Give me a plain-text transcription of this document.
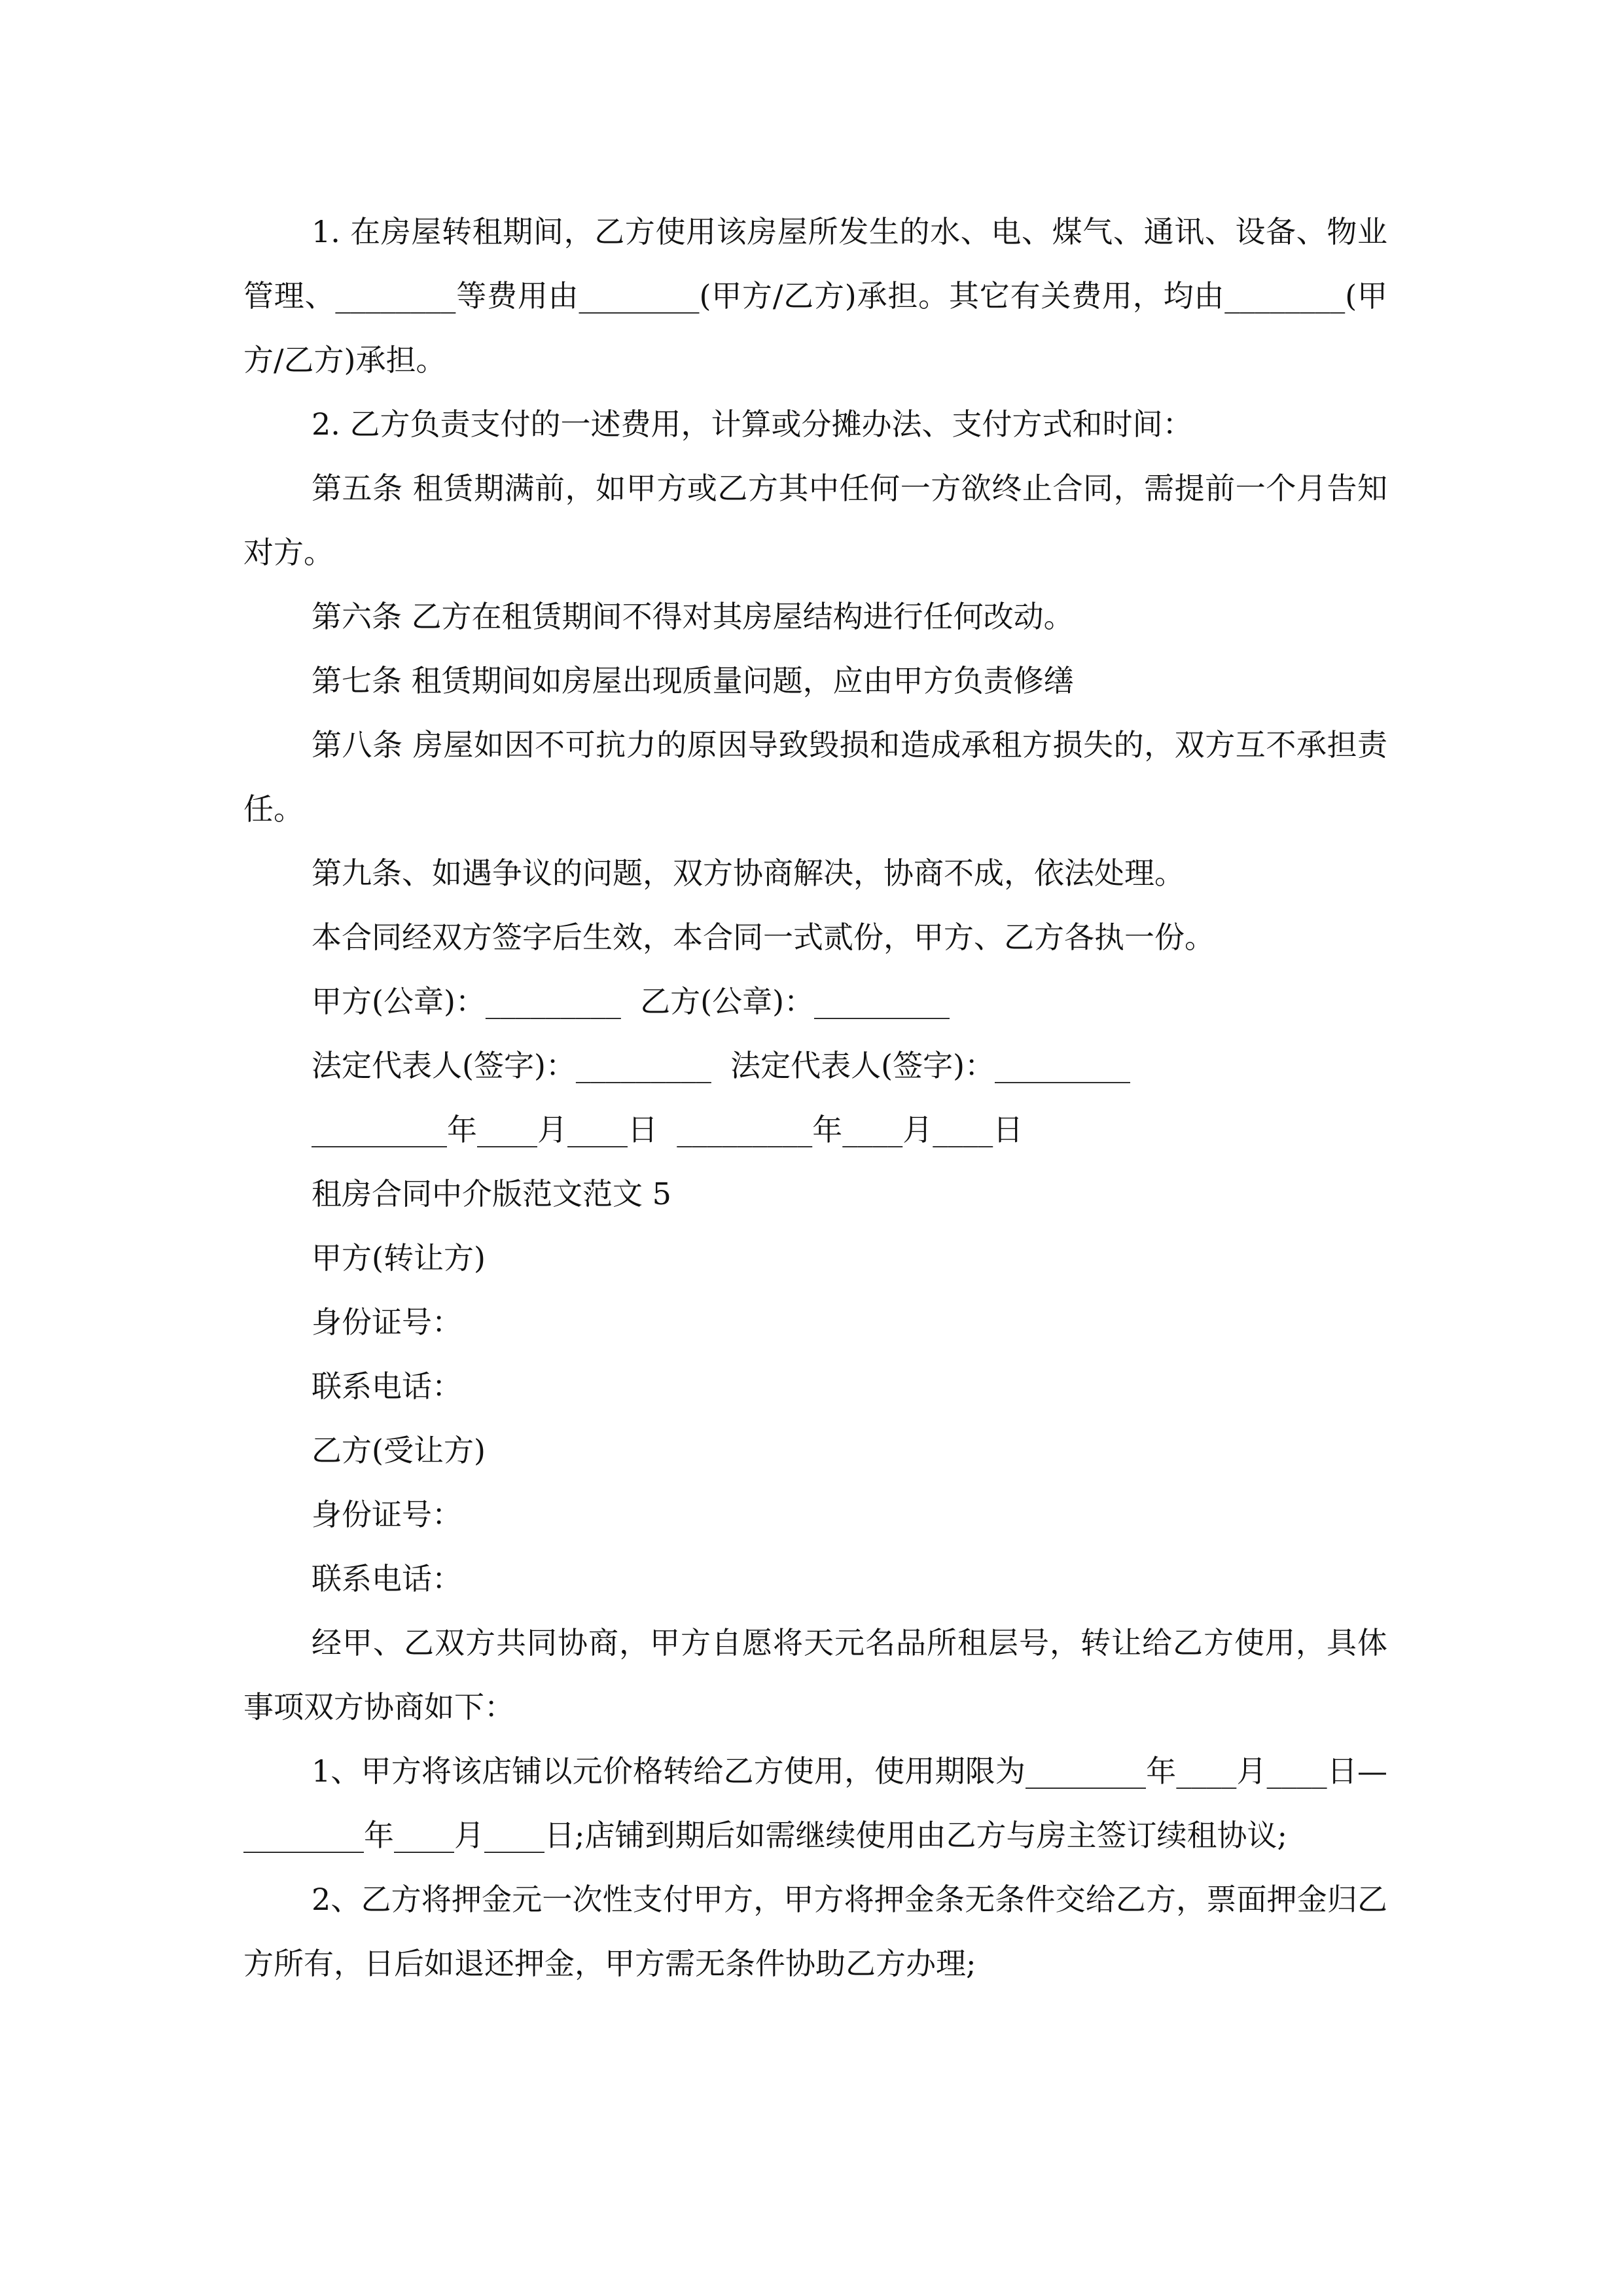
1. 在房屋转租期间，乙方使用该房屋所发生的水、电、煤气、通讯、设备、物业管理、________等费用由________(甲方/乙方)承担。其它有关费用，均由________(甲方/乙方)承担。

2. 乙方负责支付的一述费用，计算或分摊办法、支付方式和时间：

第五条 租赁期满前，如甲方或乙方其中任何一方欲终止合同，需提前一个月告知对方。

第六条 乙方在租赁期间不得对其房屋结构进行任何改动。

第七条 租赁期间如房屋出现质量问题，应由甲方负责修缮

第八条 房屋如因不可抗力的原因导致毁损和造成承租方损失的，双方互不承担责任。

第九条、如遇争议的问题，双方协商解决，协商不成，依法处理。

本合同经双方签字后生效，本合同一式贰份，甲方、乙方各执一份。

甲方(公章)：_________  乙方(公章)：_________

法定代表人(签字)：_________  法定代表人(签字)：_________

_________年____月____日  _________年____月____日

租房合同中介版范文范文 5

甲方(转让方)

身份证号：

联系电话：

乙方(受让方)

身份证号：

联系电话：

经甲、乙双方共同协商，甲方自愿将天元名品所租层号，转让给乙方使用，具体事项双方协商如下：

1、甲方将该店铺以元价格转给乙方使用，使用期限为________年____月____日—________年____月____日;店铺到期后如需继续使用由乙方与房主签订续租协议;

2、乙方将押金元一次性支付甲方，甲方将押金条无条件交给乙方，票面押金归乙方所有，日后如退还押金，甲方需无条件协助乙方办理;
